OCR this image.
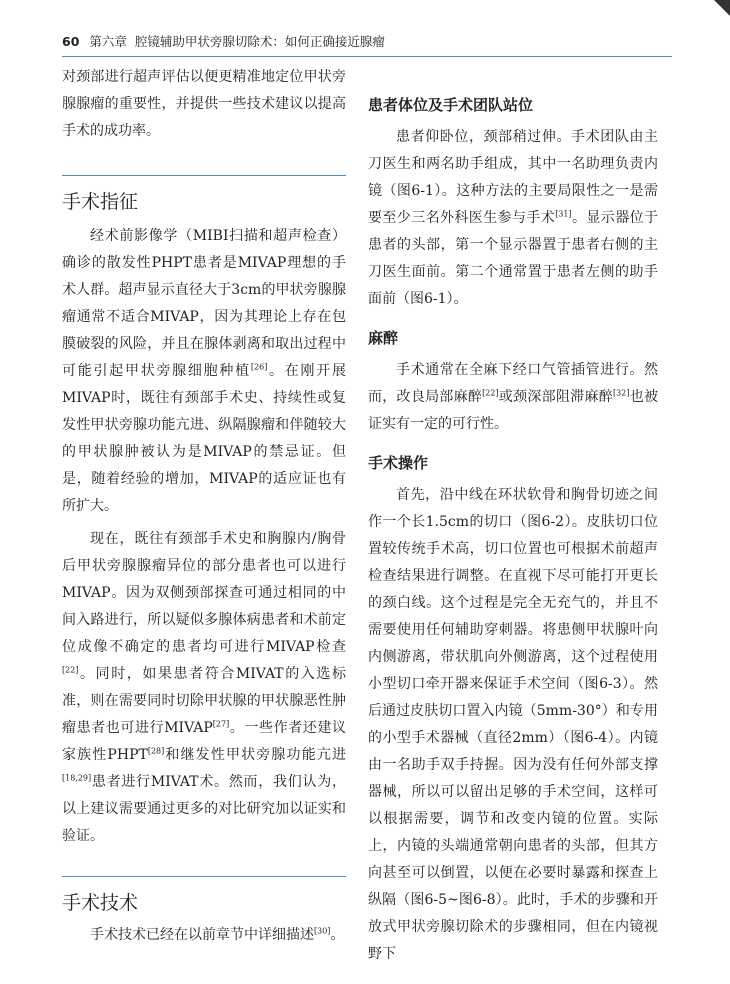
60 第六章 腔镜辅助甲状旁腺切除术：如何正确接近腺瘤

对颈部进行超声评估以便更精准地定位甲状旁腺腺瘤的重要性，并提供一些技术建议以提高手术的成功率。

手术指征

经术前影像学（MIBI扫描和超声检查）确诊的散发性PHPT患者是MIVAP理想的手术人群。超声显示直径大于3cm的甲状旁腺腺瘤通常不适合MIVAP，因为其理论上存在包膜破裂的风险，并且在腺体剥离和取出过程中可能引起甲状旁腺细胞种植[26]。在刚开展MIVAP时，既往有颈部手术史、持续性或复发性甲状旁腺功能亢进、纵隔腺瘤和伴随较大的甲状腺肿被认为是MIVAP的禁忌证。但是，随着经验的增加，MIVAP的适应证也有所扩大。

现在，既往有颈部手术史和胸腺内/胸骨后甲状旁腺腺瘤异位的部分患者也可以进行MIVAP。因为双侧颈部探查可通过相同的中间入路进行，所以疑似多腺体病患者和术前定位成像不确定的患者均可进行MIVAP检查[22]。同时，如果患者符合MIVAT的入选标准，则在需要同时切除甲状腺的甲状腺恶性肿瘤患者也可进行MIVAP[27]。一些作者还建议家族性PHPT[28]和继发性甲状旁腺功能亢进[18,29]患者进行MIVAT术。然而，我们认为，以上建议需要通过更多的对比研究加以证实和验证。

手术技术

手术技术已经在以前章节中详细描述[30]。

患者体位及手术团队站位

患者仰卧位，颈部稍过伸。手术团队由主刀医生和两名助手组成，其中一名助理负责内镜（图6-1）。这种方法的主要局限性之一是需要至少三名外科医生参与手术[31]。显示器位于患者的头部，第一个显示器置于患者右侧的主刀医生面前。第二个通常置于患者左侧的助手面前（图6-1）。

麻醉

手术通常在全麻下经口气管插管进行。然而，改良局部麻醉[22]或颈深部阻滞麻醉[32]也被证实有一定的可行性。

手术操作

首先，沿中线在环状软骨和胸骨切迹之间作一个长1.5cm的切口（图6-2）。皮肤切口位置较传统手术高，切口位置也可根据术前超声检查结果进行调整。在直视下尽可能打开更长的颈白线。这个过程是完全无充气的，并且不需要使用任何辅助穿刺器。将患侧甲状腺叶向内侧游离，带状肌向外侧游离，这个过程使用小型切口牵开器来保证手术空间（图6-3）。然后通过皮肤切口置入内镜（5mm-30°）和专用的小型手术器械（直径2mm）（图6-4）。内镜由一名助手双手持握。因为没有任何外部支撑器械，所以可以留出足够的手术空间，这样可以根据需要，调节和改变内镜的位置。实际上，内镜的头端通常朝向患者的头部，但其方向甚至可以倒置，以便在必要时暴露和探查上纵隔（图6-5~图6-8）。此时，手术的步骤和开放式甲状旁腺切除术的步骤相同，但在内镜视野下
